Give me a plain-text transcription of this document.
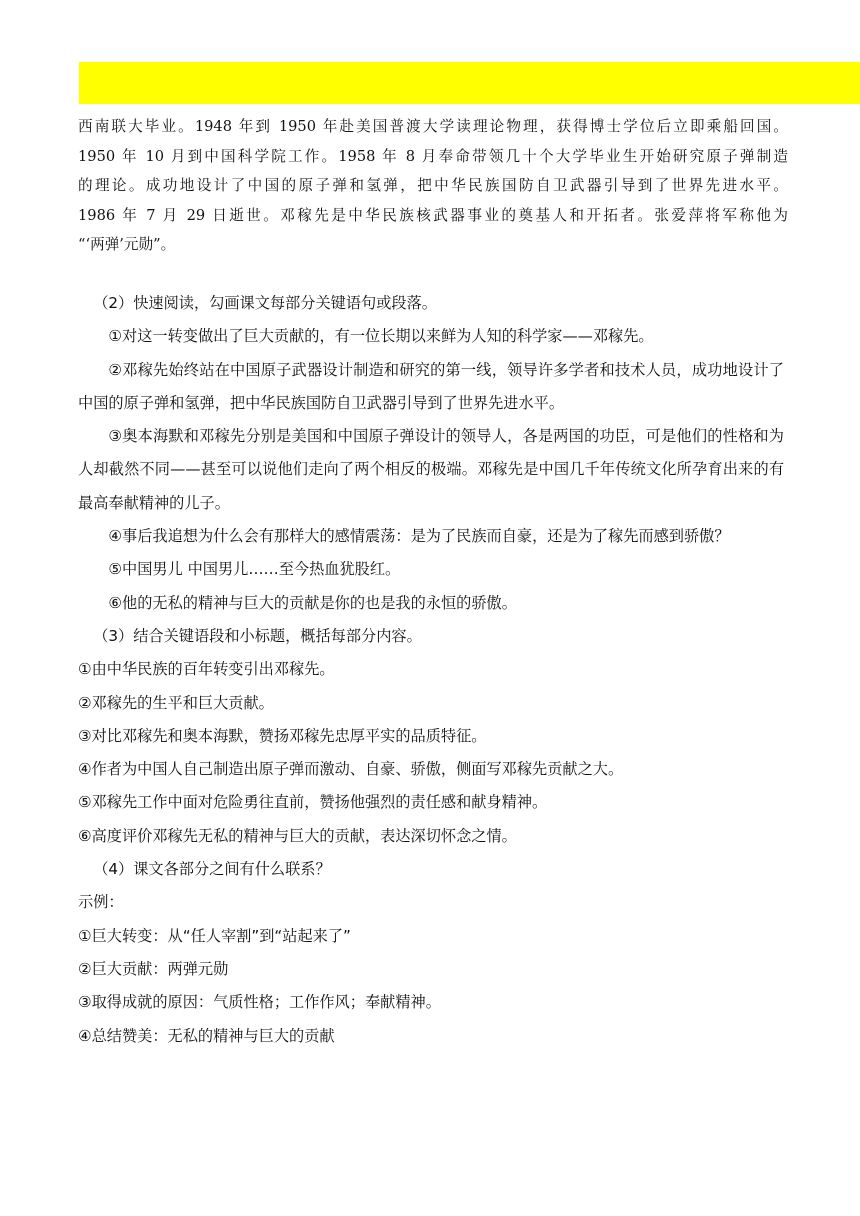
西南联大毕业。1948 年到 1950 年赴美国普渡大学读理论物理，获得博士学位后立即乘船回国。
1950 年 10 月到中国科学院工作。1958 年 8 月奉命带领几十个大学毕业生开始研究原子弹制造
的理论。成功地设计了中国的原子弹和氢弹，把中华民族国防自卫武器引导到了世界先进水平。
1986 年 7 月 29 日逝世。邓稼先是中华民族核武器事业的奠基人和开拓者。张爱萍将军称他为
“‘两弹’元勋”。

（2）快速阅读，勾画课文每部分关键语句或段落。

①对这一转变做出了巨大贡献的，有一位长期以来鲜为人知的科学家——邓稼先。

②邓稼先始终站在中国原子武器设计制造和研究的第一线，领导许多学者和技术人员，成功地设计了中国的原子弹和氢弹，把中华民族国防自卫武器引导到了世界先进水平。

③奥本海默和邓稼先分别是美国和中国原子弹设计的领导人，各是两国的功臣，可是他们的性格和为人却截然不同——甚至可以说他们走向了两个相反的极端。邓稼先是中国几千年传统文化所孕育出来的有最高奉献精神的儿子。

④事后我追想为什么会有那样大的感情震荡：是为了民族而自豪，还是为了稼先而感到骄傲？

⑤中国男儿 中国男儿……至今热血犹股红。

⑥他的无私的精神与巨大的贡献是你的也是我的永恒的骄傲。

（3）结合关键语段和小标题，概括每部分内容。

①由中华民族的百年转变引出邓稼先。

②邓稼先的生平和巨大贡献。

③对比邓稼先和奥本海默，赞扬邓稼先忠厚平实的品质特征。

④作者为中国人自己制造出原子弹而激动、自豪、骄傲，侧面写邓稼先贡献之大。

⑤邓稼先工作中面对危险勇往直前，赞扬他强烈的责任感和献身精神。

⑥高度评价邓稼先无私的精神与巨大的贡献，表达深切怀念之情。

（4）课文各部分之间有什么联系？

示例：

①巨大转变：从“任人宰割”到“站起来了”

②巨大贡献：两弹元勋

③取得成就的原因：气质性格；工作作风；奉献精神。

④总结赞美：无私的精神与巨大的贡献
